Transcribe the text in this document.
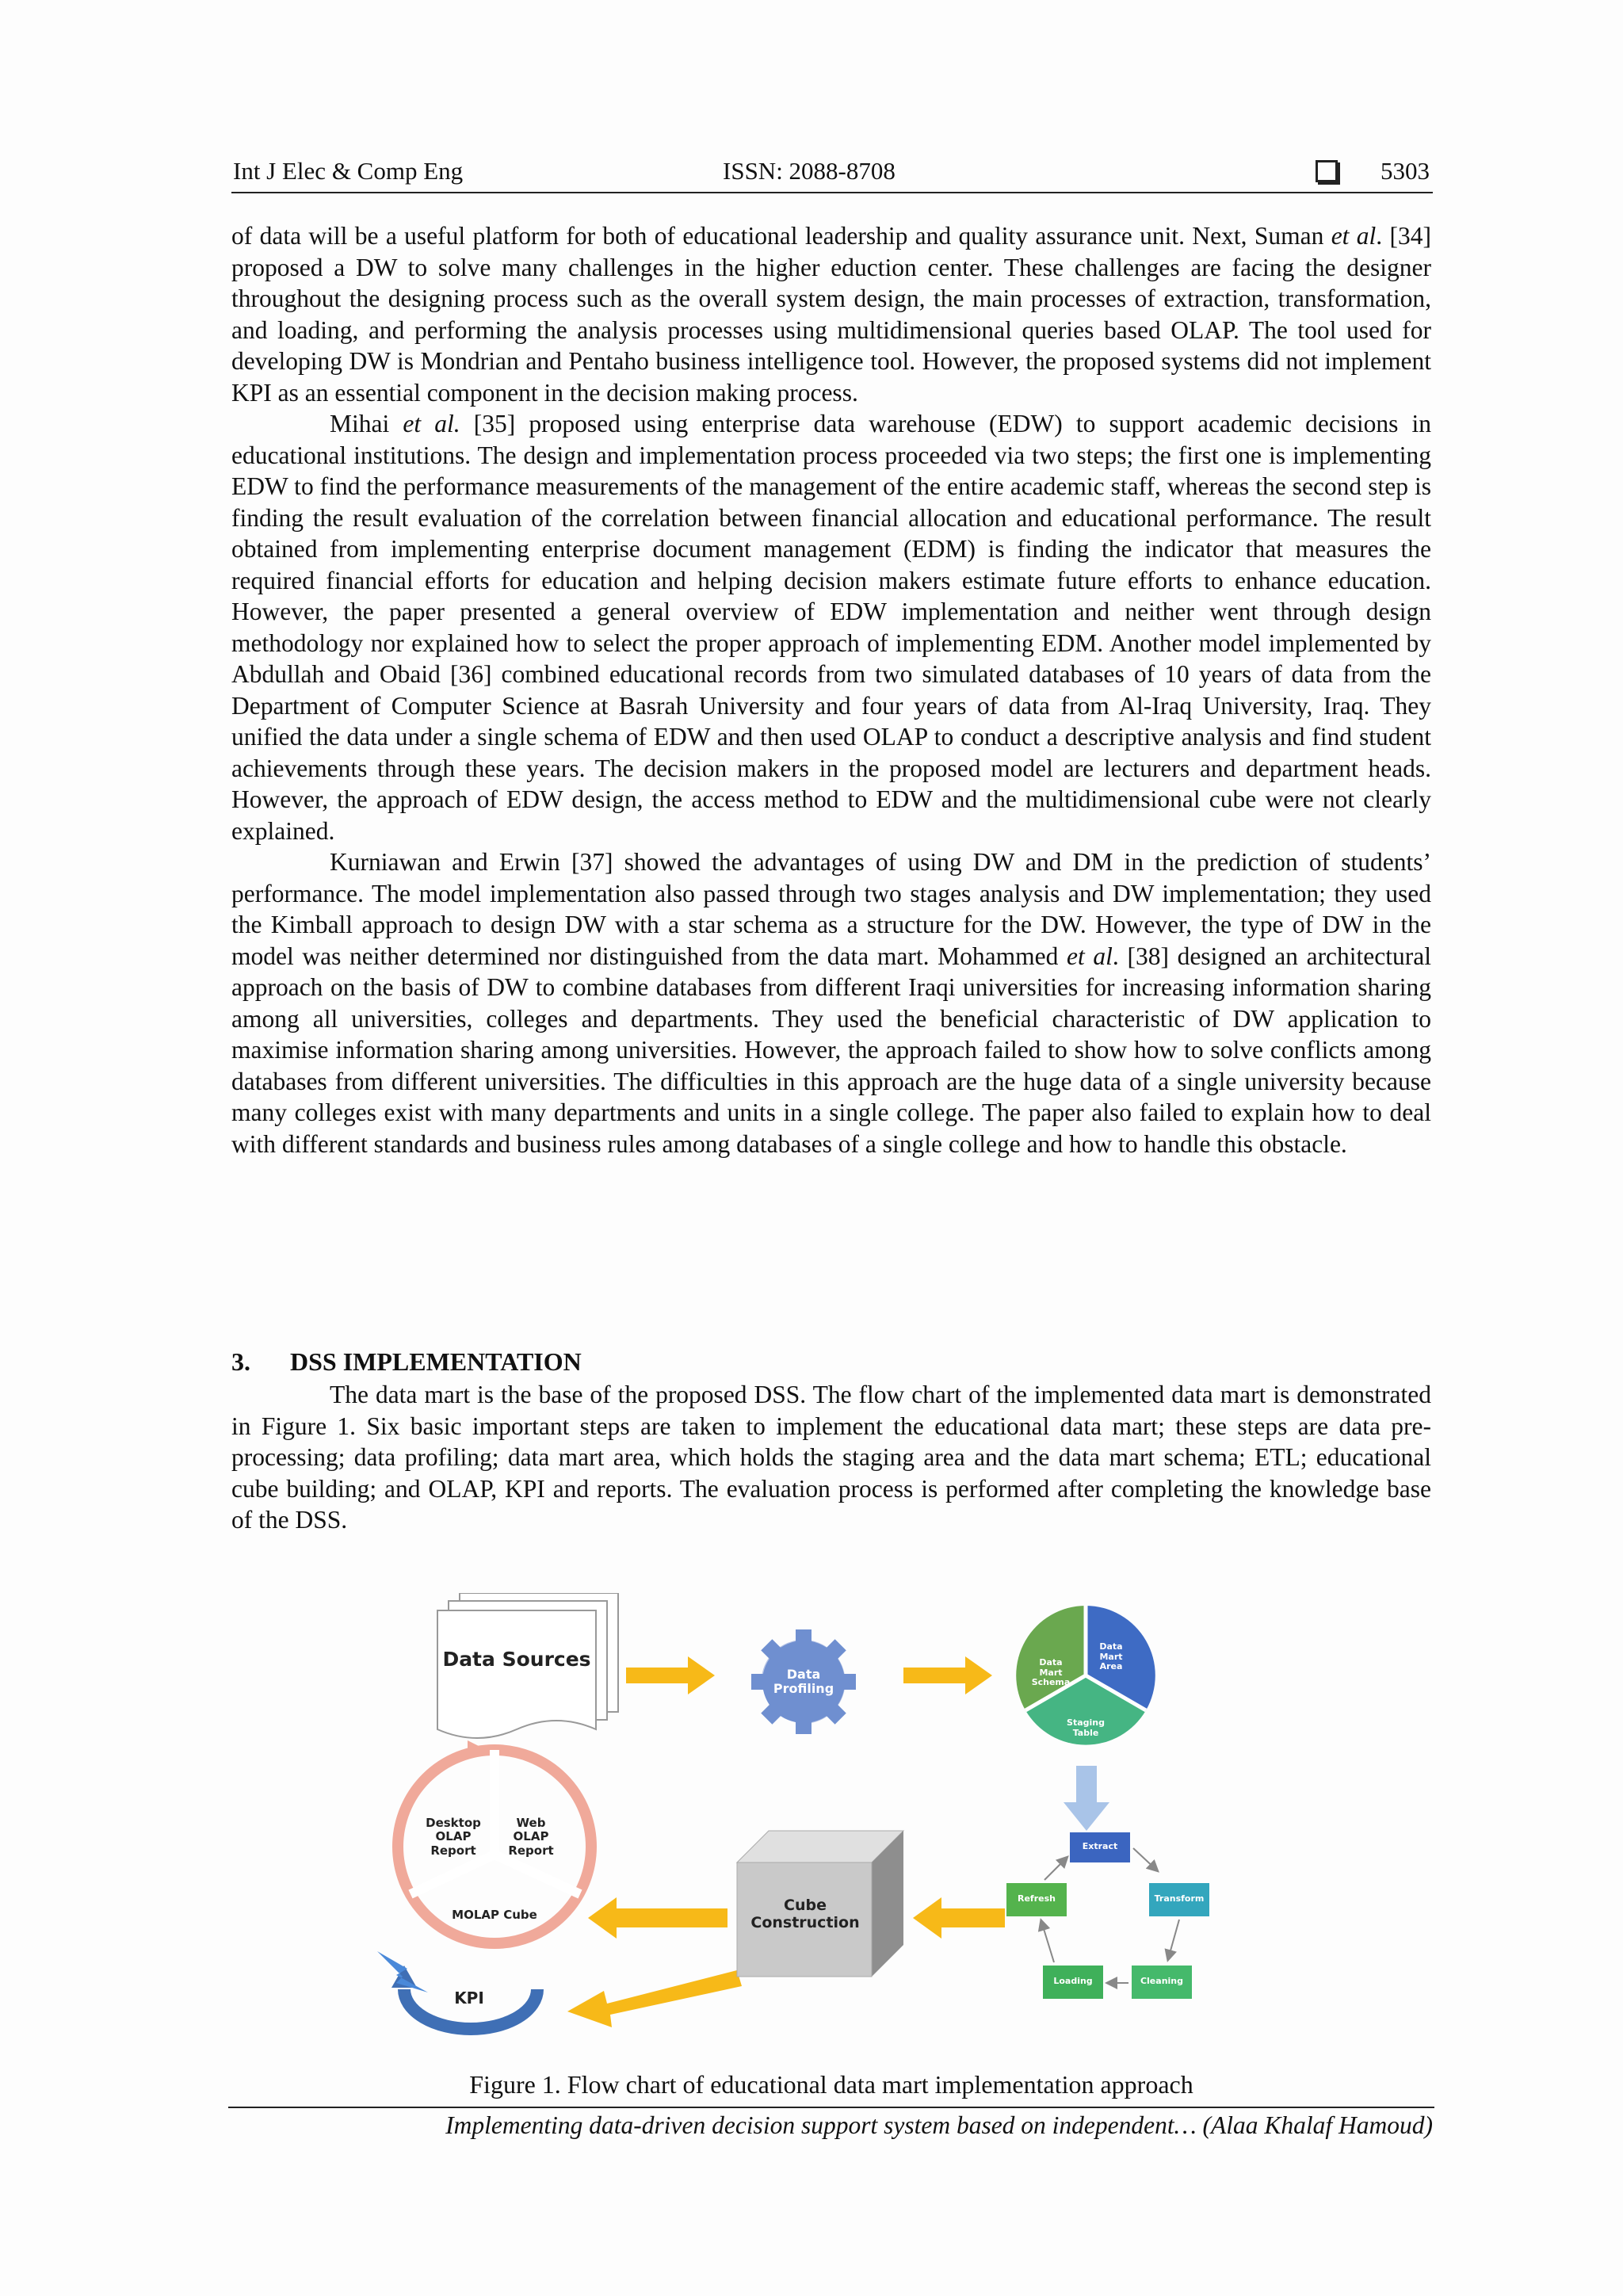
Int J Elec & Comp Eng	ISSN: 2088-8708	5303

of data will be a useful platform for both of educational leadership and quality assurance unit. Next, Suman et al. [34] proposed a DW to solve many challenges in the higher eduction center. These challenges are facing the designer throughout the designing process such as the overall system design, the main processes of extraction, transformation, and loading, and performing the analysis processes using multidimensional queries based OLAP. The tool used for developing DW is Mondrian and Pentaho business intelligence tool. However, the proposed systems did not implement KPI as an essential component in the decision making process.

Mihai et al. [35] proposed using enterprise data warehouse (EDW) to support academic decisions in educational institutions. The design and implementation process proceeded via two steps; the first one is implementing EDW to find the performance measurements of the management of the entire academic staff, whereas the second step is finding the result evaluation of the correlation between financial allocation and educational performance. The result obtained from implementing enterprise document management (EDM) is finding the indicator that measures the required financial efforts for education and helping decision makers estimate future efforts to enhance education. However, the paper presented a general overview of EDW implementation and neither went through design methodology nor explained how to select the proper approach of implementing EDM. Another model implemented by Abdullah and Obaid [36] combined educational records from two simulated databases of 10 years of data from the Department of Computer Science at Basrah University and four years of data from Al-Iraq University, Iraq. They unified the data under a single schema of EDW and then used OLAP to conduct a descriptive analysis and find student achievements through these years. The decision makers in the proposed model are lecturers and department heads. However, the approach of EDW design, the access method to EDW and the multidimensional cube were not clearly explained.

Kurniawan and Erwin [37] showed the advantages of using DW and DM in the prediction of students’ performance. The model implementation also passed through two stages analysis and DW implementation; they used the Kimball approach to design DW with a star schema as a structure for the DW. However, the type of DW in the model was neither determined nor distinguished from the data mart. Mohammed et al. [38] designed an architectural approach on the basis of DW to combine databases from different Iraqi universities for increasing information sharing among all universities, colleges and departments. They used the beneficial characteristic of DW application to maximise information sharing among universities. However, the approach failed to show how to solve conflicts among databases from different universities. The difficulties in this approach are the huge data of a single university because many colleges exist with many departments and units in a single college. The paper also failed to explain how to deal with different standards and business rules among databases of a single college and how to handle this obstacle.

3. DSS IMPLEMENTATION

The data mart is the base of the proposed DSS. The flow chart of the implemented data mart is demonstrated in Figure 1. Six basic important steps are taken to implement the educational data mart; these steps are data pre-processing; data profiling; data mart area, which holds the staging area and the data mart schema; ETL; educational cube building; and OLAP, KPI and reports. The evaluation process is performed after completing the knowledge base of the DSS.

Data Sources
Data Profiling
Data Mart Schema
Data Mart Area
Staging Table
Extract
Transform
Cleaning
Loading
Refresh
Cube Construction
Desktop OLAP Report
Web OLAP Report
MOLAP Cube
KPI
Figure 1. Flow chart of educational data mart implementation approach
Implementing data-driven decision support system based on independent… (Alaa Khalaf Hamoud)
